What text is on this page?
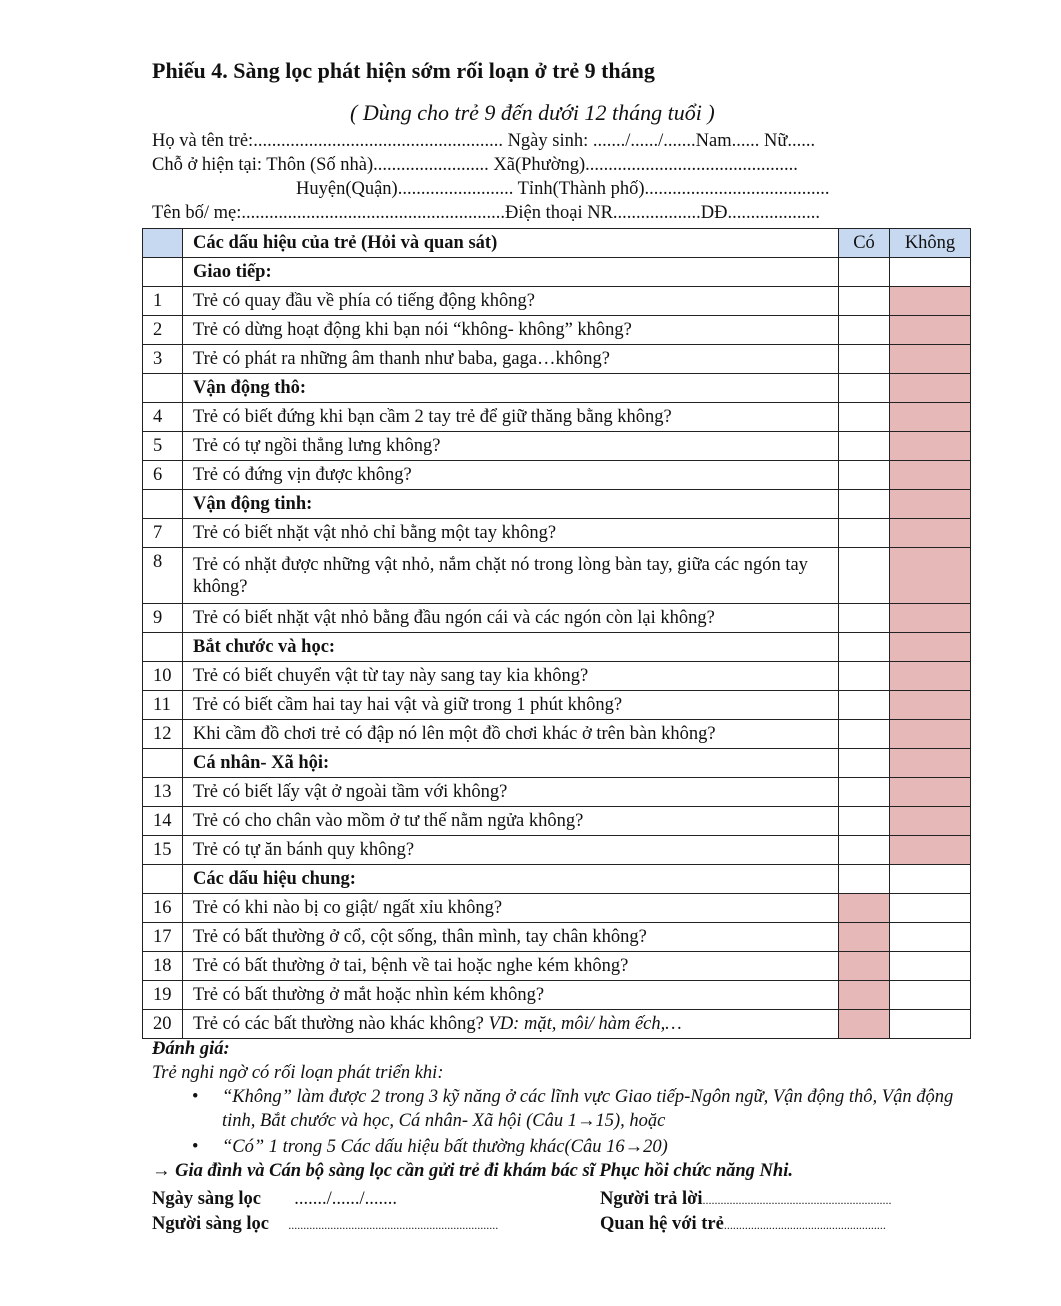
Phiếu 4. Sàng lọc phát hiện sớm rối loạn ở trẻ 9 tháng
( Dùng cho trẻ 9 đến dưới 12 tháng tuổi )
Họ và tên trẻ:...................................................... Ngày sinh: ......./....../.......Nam...... Nữ......
Chỗ ở hiện tại: Thôn (Số nhà)......................... Xã(Phường)..............................................
Huyện(Quận)......................... Tỉnh(Thành phố)........................................
Tên bố/ mẹ:.........................................................Điện thoại NR...................DĐ....................
	Các dấu hiệu của trẻ (Hỏi và quan sát)	Có	Không
	Giao tiếp:		
1	Trẻ có quay đầu về phía có tiếng động không?		
2	Trẻ có dừng hoạt động khi bạn nói “không- không” không?		
3	Trẻ có phát ra những âm thanh như baba, gaga…không?		
	Vận động thô:		
4	Trẻ có biết đứng khi bạn cầm 2 tay trẻ để giữ thăng bằng không?		
5	Trẻ có tự ngồi thẳng lưng không?		
6	Trẻ có đứng vịn được không?		
	Vận động tinh:		
7	Trẻ có biết nhặt vật nhỏ chỉ bằng một tay không?		
8	Trẻ có nhặt được những vật nhỏ, nắm chặt nó trong lòng bàn tay, giữa các ngón tay không?		
9	Trẻ có biết nhặt vật nhỏ bằng đầu ngón cái và các ngón còn lại không?		
	Bắt chước và học:		
10	Trẻ có biết chuyển vật từ tay này sang tay kia không?		
11	Trẻ có biết cầm hai tay hai vật và giữ trong 1 phút không?		
12	Khi cầm đồ chơi trẻ có đập nó lên một đồ chơi khác ở trên bàn không?		
	Cá nhân- Xã hội:		
13	Trẻ có biết lấy vật ở ngoài tầm với không?		
14	Trẻ có cho chân vào mồm ở tư thế nằm ngửa không?		
15	Trẻ có tự ăn bánh quy không?		
	Các dấu hiệu chung:		
16	Trẻ có khi nào bị co giật/ ngất xỉu không?		
17	Trẻ có bất thường ở cổ, cột sống, thân mình, tay chân không?		
18	Trẻ có bất thường ở tai, bệnh về tai hoặc nghe kém không?		
19	Trẻ có bất thường ở mắt hoặc nhìn kém không?		
20	Trẻ có các bất thường nào khác không? VD: mặt, môi/ hàm ếch,…		
Đánh giá:
Trẻ nghi ngờ có rối loạn phát triển khi:
• “Không” làm được 2 trong 3 kỹ năng ở các lĩnh vực Giao tiếp-Ngôn ngữ, Vận động thô, Vận động tinh, Bắt chước và học, Cá nhân- Xã hội (Câu 1→15), hoặc
• “Có” 1 trong 5 Các dấu hiệu bất thường khác(Câu 16→20)
→ Gia đình và Cán bộ sàng lọc cần gửi trẻ đi khám bác sĩ Phục hồi chức năng Nhi.
Ngày sàng lọc ......./....../.......	Người trả lời...............................................................
Người sàng lọc ......................................................................	Quan hệ với trẻ......................................................
